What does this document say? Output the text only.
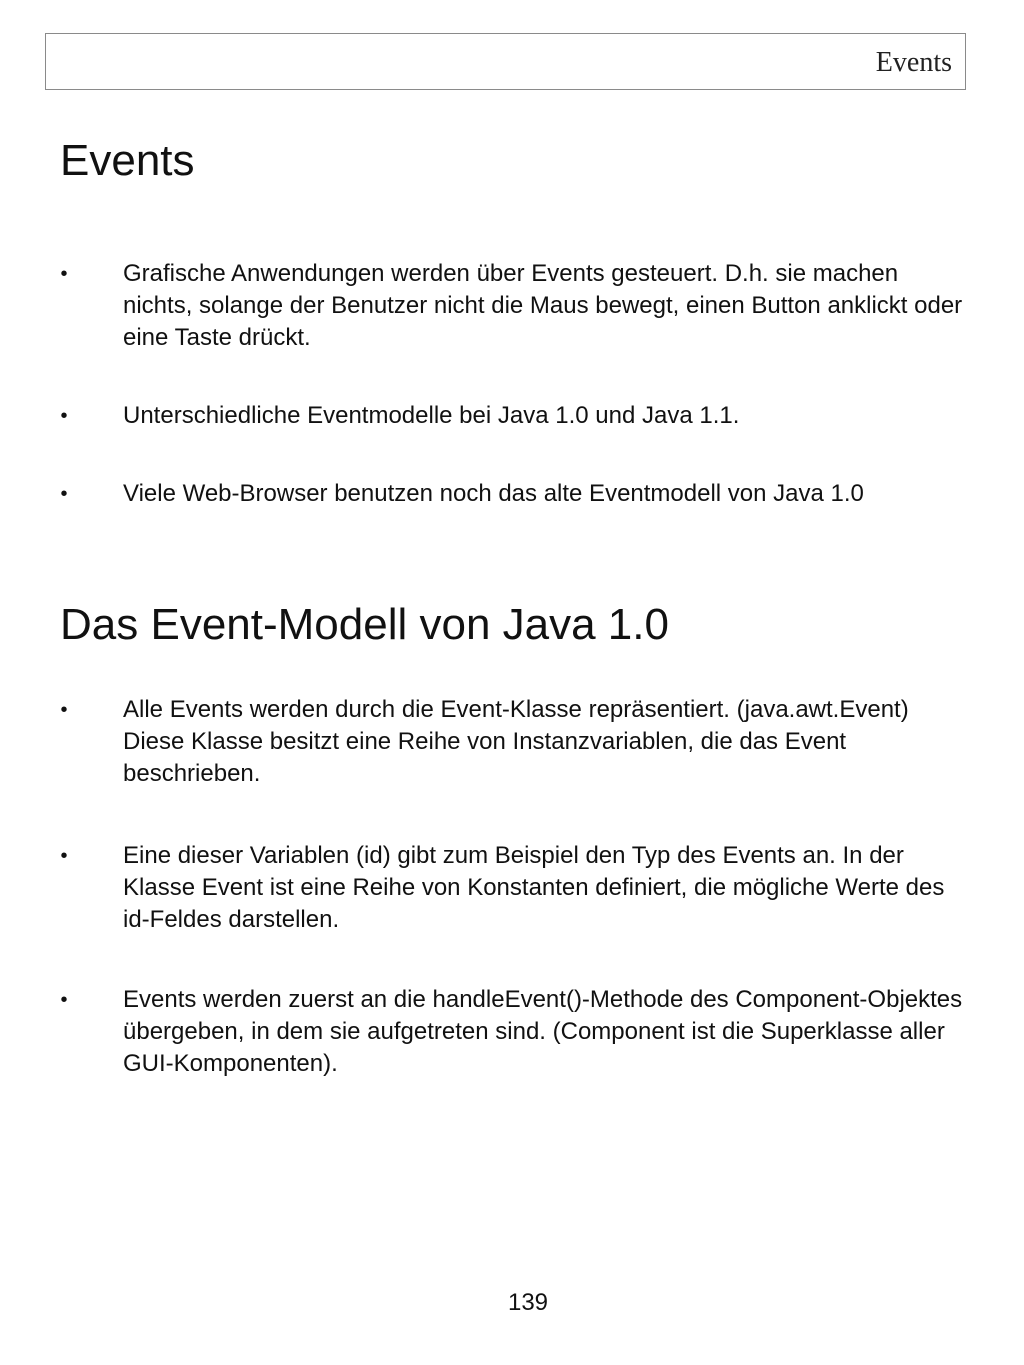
Events
Events
• Grafische Anwendungen werden über Events gesteuert. D.h. sie machen nichts, solange der Benutzer nicht die Maus bewegt, einen Button anklickt oder eine Taste drückt.
• Unterschiedliche Eventmodelle bei Java 1.0 und Java 1.1.
• Viele Web-Browser benutzen noch das alte Eventmodell von Java 1.0
Das Event-Modell von Java 1.0
• Alle Events werden durch die Event-Klasse repräsentiert. (java.awt.Event) Diese Klasse besitzt eine Reihe von Instanzvariablen, die das Event beschrieben.
• Eine dieser Variablen (id) gibt zum Beispiel den Typ des Events an. In der Klasse Event ist eine Reihe von Konstanten definiert, die mögliche Werte des id-Feldes darstellen.
• Events werden zuerst an die handleEvent()-Methode des Component-Objektes übergeben, in dem sie aufgetreten sind. (Component ist die Superklasse aller GUI-Komponenten).
139
